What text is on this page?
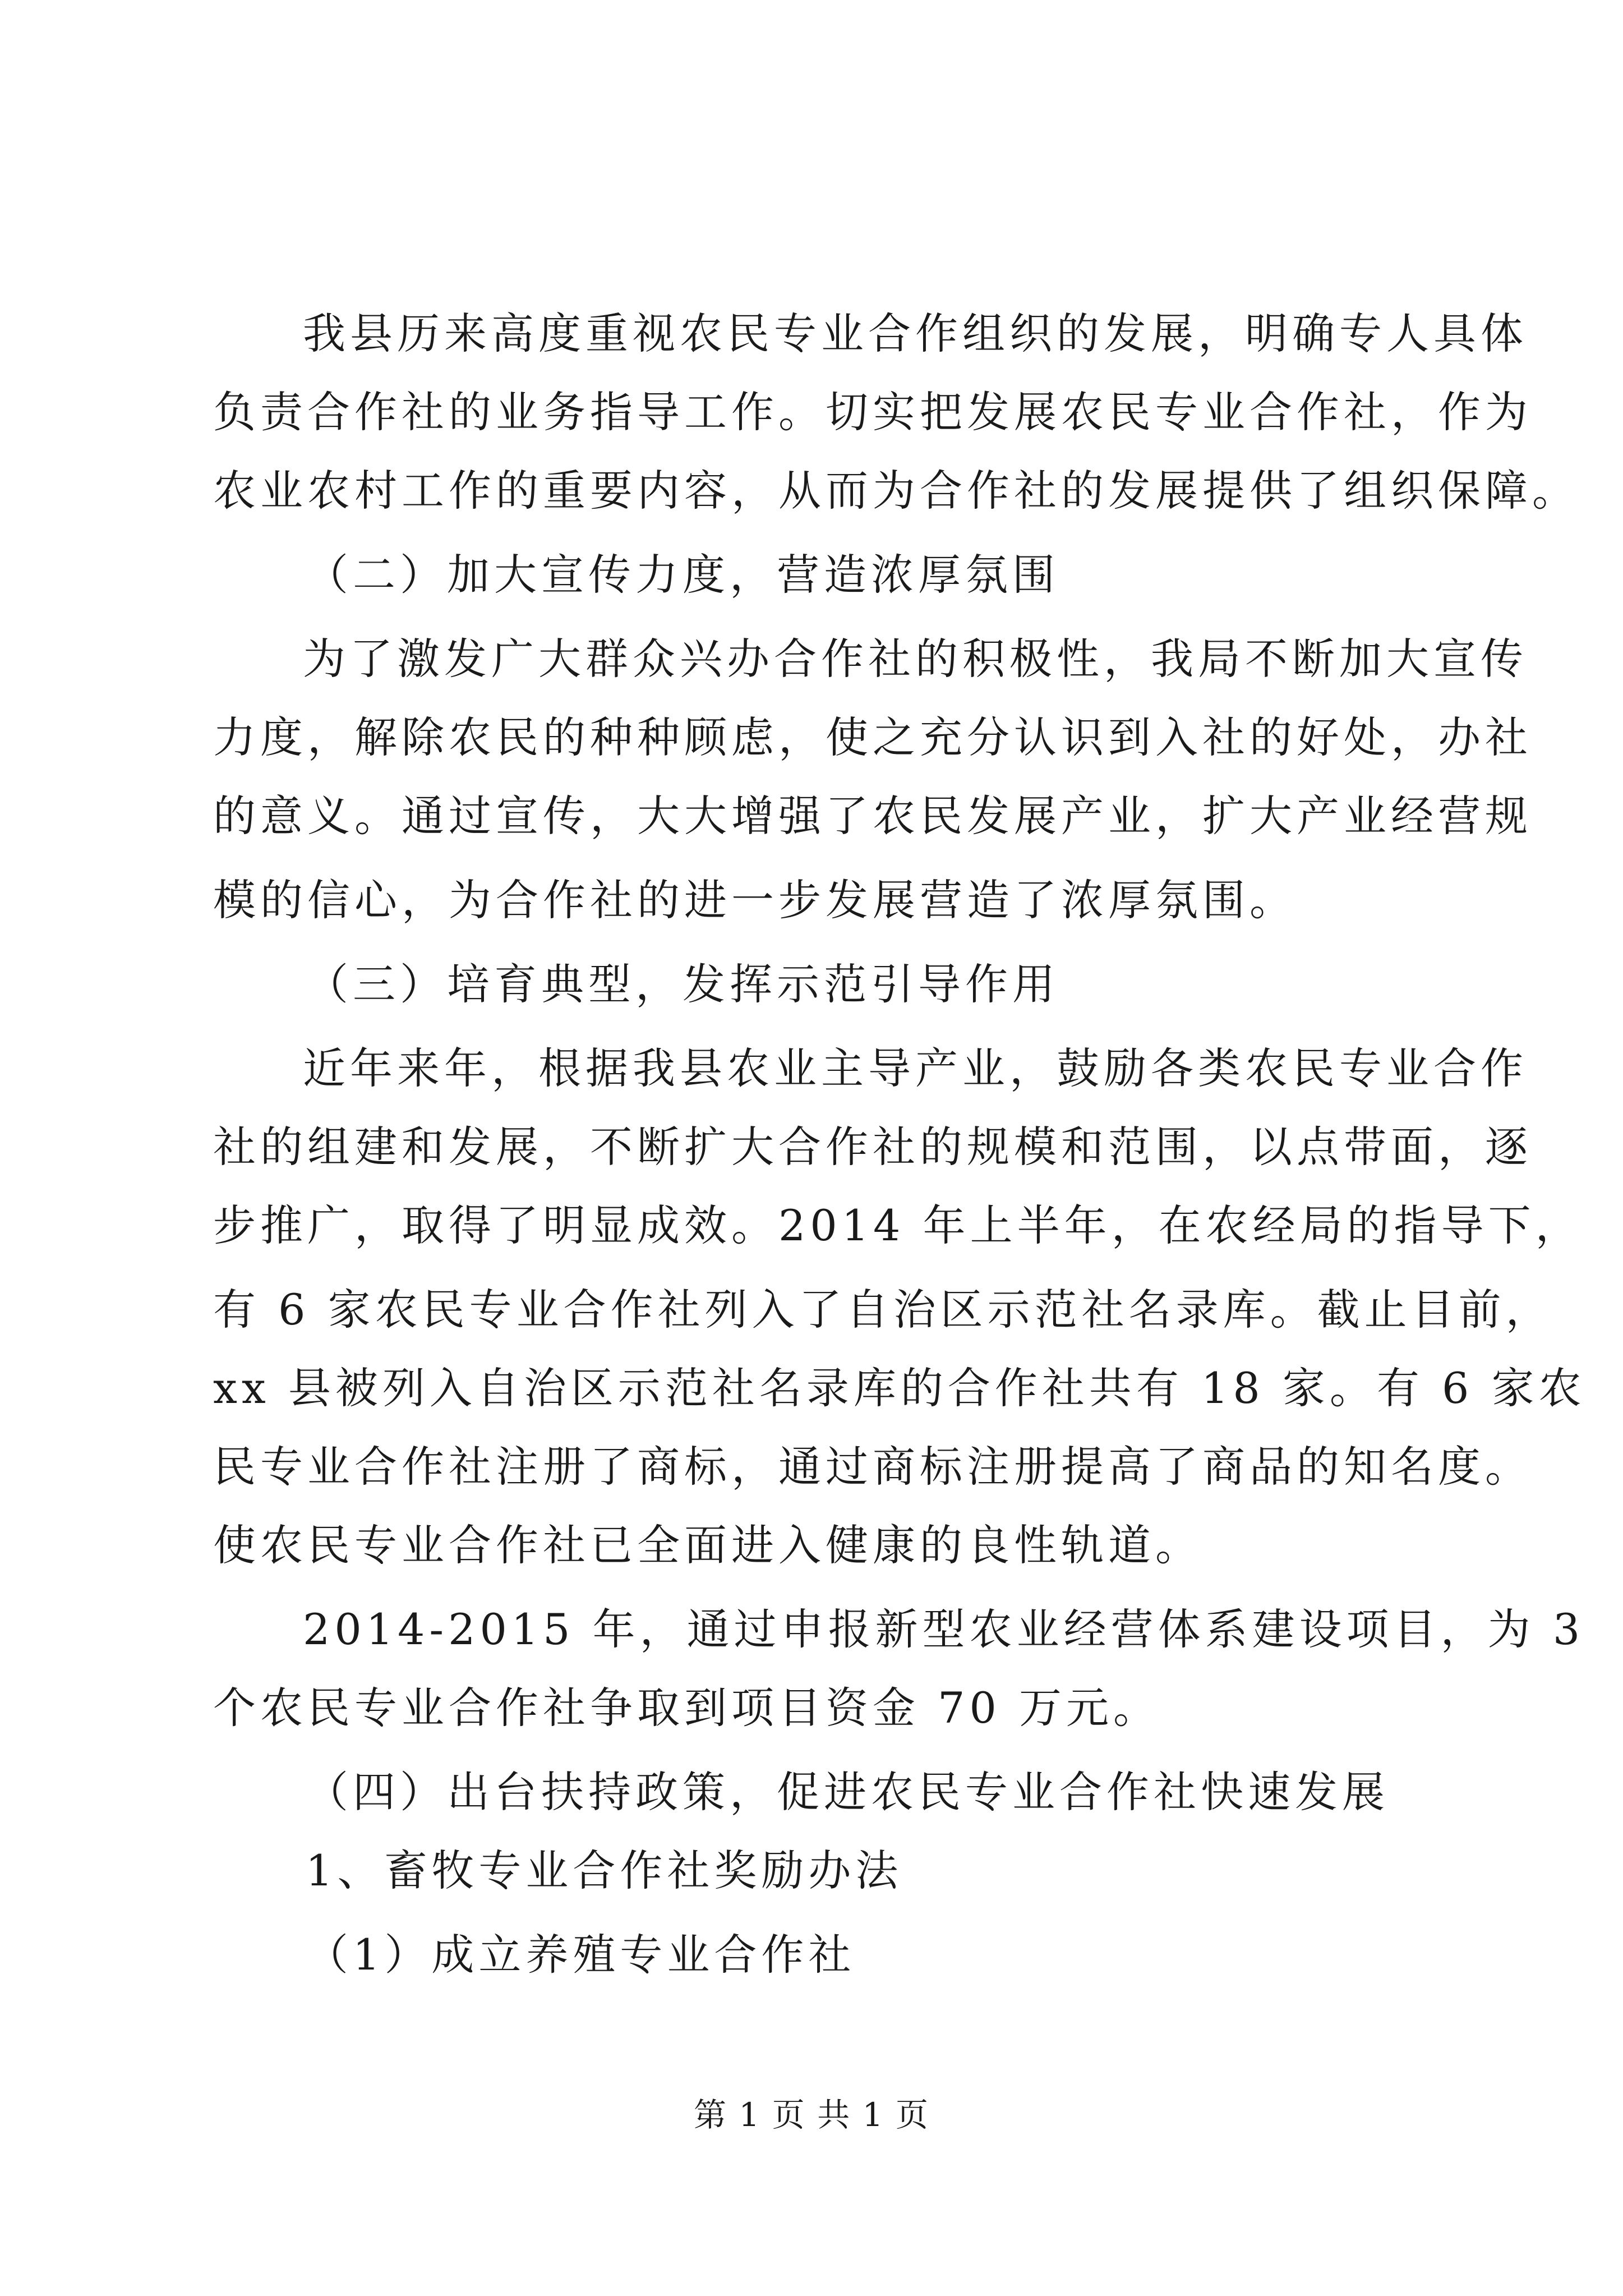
我县历来高度重视农民专业合作组织的发展，明确专人具体
负责合作社的业务指导工作。切实把发展农民专业合作社，作为
农业农村工作的重要内容，从而为合作社的发展提供了组织保障。
（二）加大宣传力度，营造浓厚氛围
为了激发广大群众兴办合作社的积极性，我局不断加大宣传
力度，解除农民的种种顾虑，使之充分认识到入社的好处，办社
的意义。通过宣传，大大增强了农民发展产业，扩大产业经营规
模的信心，为合作社的进一步发展营造了浓厚氛围。
（三）培育典型，发挥示范引导作用
近年来年，根据我县农业主导产业，鼓励各类农民专业合作
社的组建和发展，不断扩大合作社的规模和范围，以点带面，逐
步推广，取得了明显成效。2014 年上半年，在农经局的指导下，
有 6 家农民专业合作社列入了自治区示范社名录库。截止目前，
xx 县被列入自治区示范社名录库的合作社共有 18 家。有 6 家农
民专业合作社注册了商标，通过商标注册提高了商品的知名度。
使农民专业合作社已全面进入健康的良性轨道。
2014-2015 年，通过申报新型农业经营体系建设项目，为 3
个农民专业合作社争取到项目资金 70 万元。
（四）出台扶持政策，促进农民专业合作社快速发展
1、畜牧专业合作社奖励办法
（1）成立养殖专业合作社
第 1 页 共 1 页
